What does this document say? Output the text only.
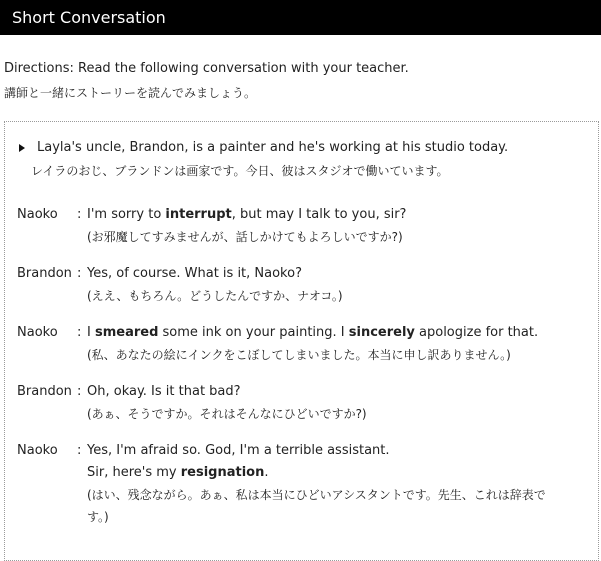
Short Conversation
Directions: Read the following conversation with your teacher.
講師と一緒にストーリーを読んでみましょう。
Layla's uncle, Brandon, is a painter and he's working at his studio today.
レイラのおじ、ブランドンは画家です。今日、彼はスタジオで働いています。
Naoko	: I'm sorry to interrupt, but may I talk to you, sir?
(お邪魔してすみませんが、話しかけてもよろしいですか?)
Brandon : Yes, of course. What is it, Naoko?
(ええ、もちろん。どうしたんですか、ナオコ。)
Naoko	: I smeared some ink on your painting. I sincerely apologize for that.
(私、あなたの絵にインクをこぼしてしまいました。本当に申し訳ありません。)
Brandon : Oh, okay. Is it that bad?
(あぁ、そうですか。それはそんなにひどいですか?)
Naoko	: Yes, I'm afraid so. God, I'm a terrible assistant.
Sir, here's my resignation.
(はい、残念ながら。あぁ、私は本当にひどいアシスタントです。先生、これは辞表です。)
